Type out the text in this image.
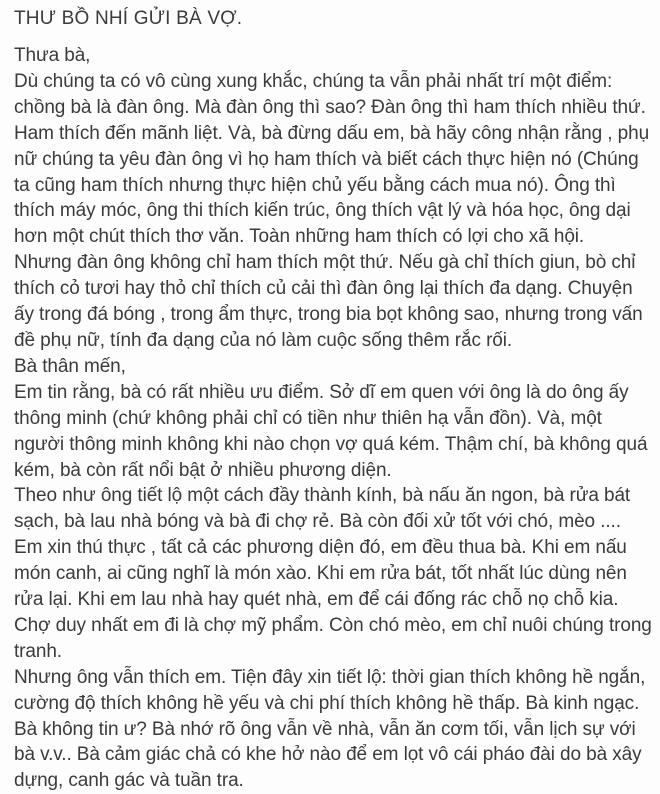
THƯ BỒ NHÍ GỬI BÀ VỢ.
Thưa bà,
Dù chúng ta có vô cùng xung khắc, chúng ta vẫn phải nhất trí một điểm:
chồng bà là đàn ông. Mà đàn ông thì sao? Đàn ông thì ham thích nhiều thứ.
Ham thích đến mãnh liệt. Và, bà đừng dấu em, bà hãy công nhận rằng , phụ
nữ chúng ta yêu đàn ông vì họ ham thích và biết cách thực hiện nó (Chúng
ta cũng ham thích nhưng thực hiện chủ yếu bằng cách mua nó). Ông thì
thích máy móc, ông thi thích kiến trúc, ông thích vật lý và hóa học, ông dại
hơn một chút thích thơ văn. Toàn những ham thích có lợi cho xã hội.
Nhưng đàn ông không chỉ ham thích một thứ. Nếu gà chỉ thích giun, bò chỉ
thích cỏ tươi hay thỏ chỉ thích củ cải thì đàn ông lại thích đa dạng. Chuyện
ấy trong đá bóng , trong ẩm thực, trong bia bọt không sao, nhưng trong vấn
đề phụ nữ, tính đa dạng của nó làm cuộc sống thêm rắc rối.
Bà thân mến,
Em tin rằng, bà có rất nhiều ưu điểm. Sở dĩ em quen với ông là do ông ấy
thông minh (chứ không phải chỉ có tiền như thiên hạ vẫn đồn). Và, một
người thông minh không khi nào chọn vợ quá kém. Thậm chí, bà không quá
kém, bà còn rất nổi bật ở nhiều phương diện.
Theo như ông tiết lộ một cách đầy thành kính, bà nấu ăn ngon, bà rửa bát
sạch, bà lau nhà bóng và bà đi chợ rẻ. Bà còn đối xử tốt với chó, mèo ....
Em xin thú thực , tất cả các phương diện đó, em đều thua bà. Khi em nấu
món canh, ai cũng nghĩ là món xào. Khi em rửa bát, tốt nhất lúc dùng nên
rửa lại. Khi em lau nhà hay quét nhà, em để cái đống rác chỗ nọ chỗ kia.
Chợ duy nhất em đi là chợ mỹ phẩm. Còn chó mèo, em chỉ nuôi chúng trong
tranh.
Nhưng ông vẫn thích em. Tiện đây xin tiết lộ: thời gian thích không hề ngắn,
cường độ thích không hề yếu và chi phí thích không hề thấp. Bà kinh ngạc.
Bà không tin ư? Bà nhớ rõ ông vẫn về nhà, vẫn ăn cơm tối, vẫn lịch sự với
bà v.v.. Bà cảm giác chả có khe hở nào để em lọt vô cái pháo đài do bà xây
dựng, canh gác và tuần tra.
